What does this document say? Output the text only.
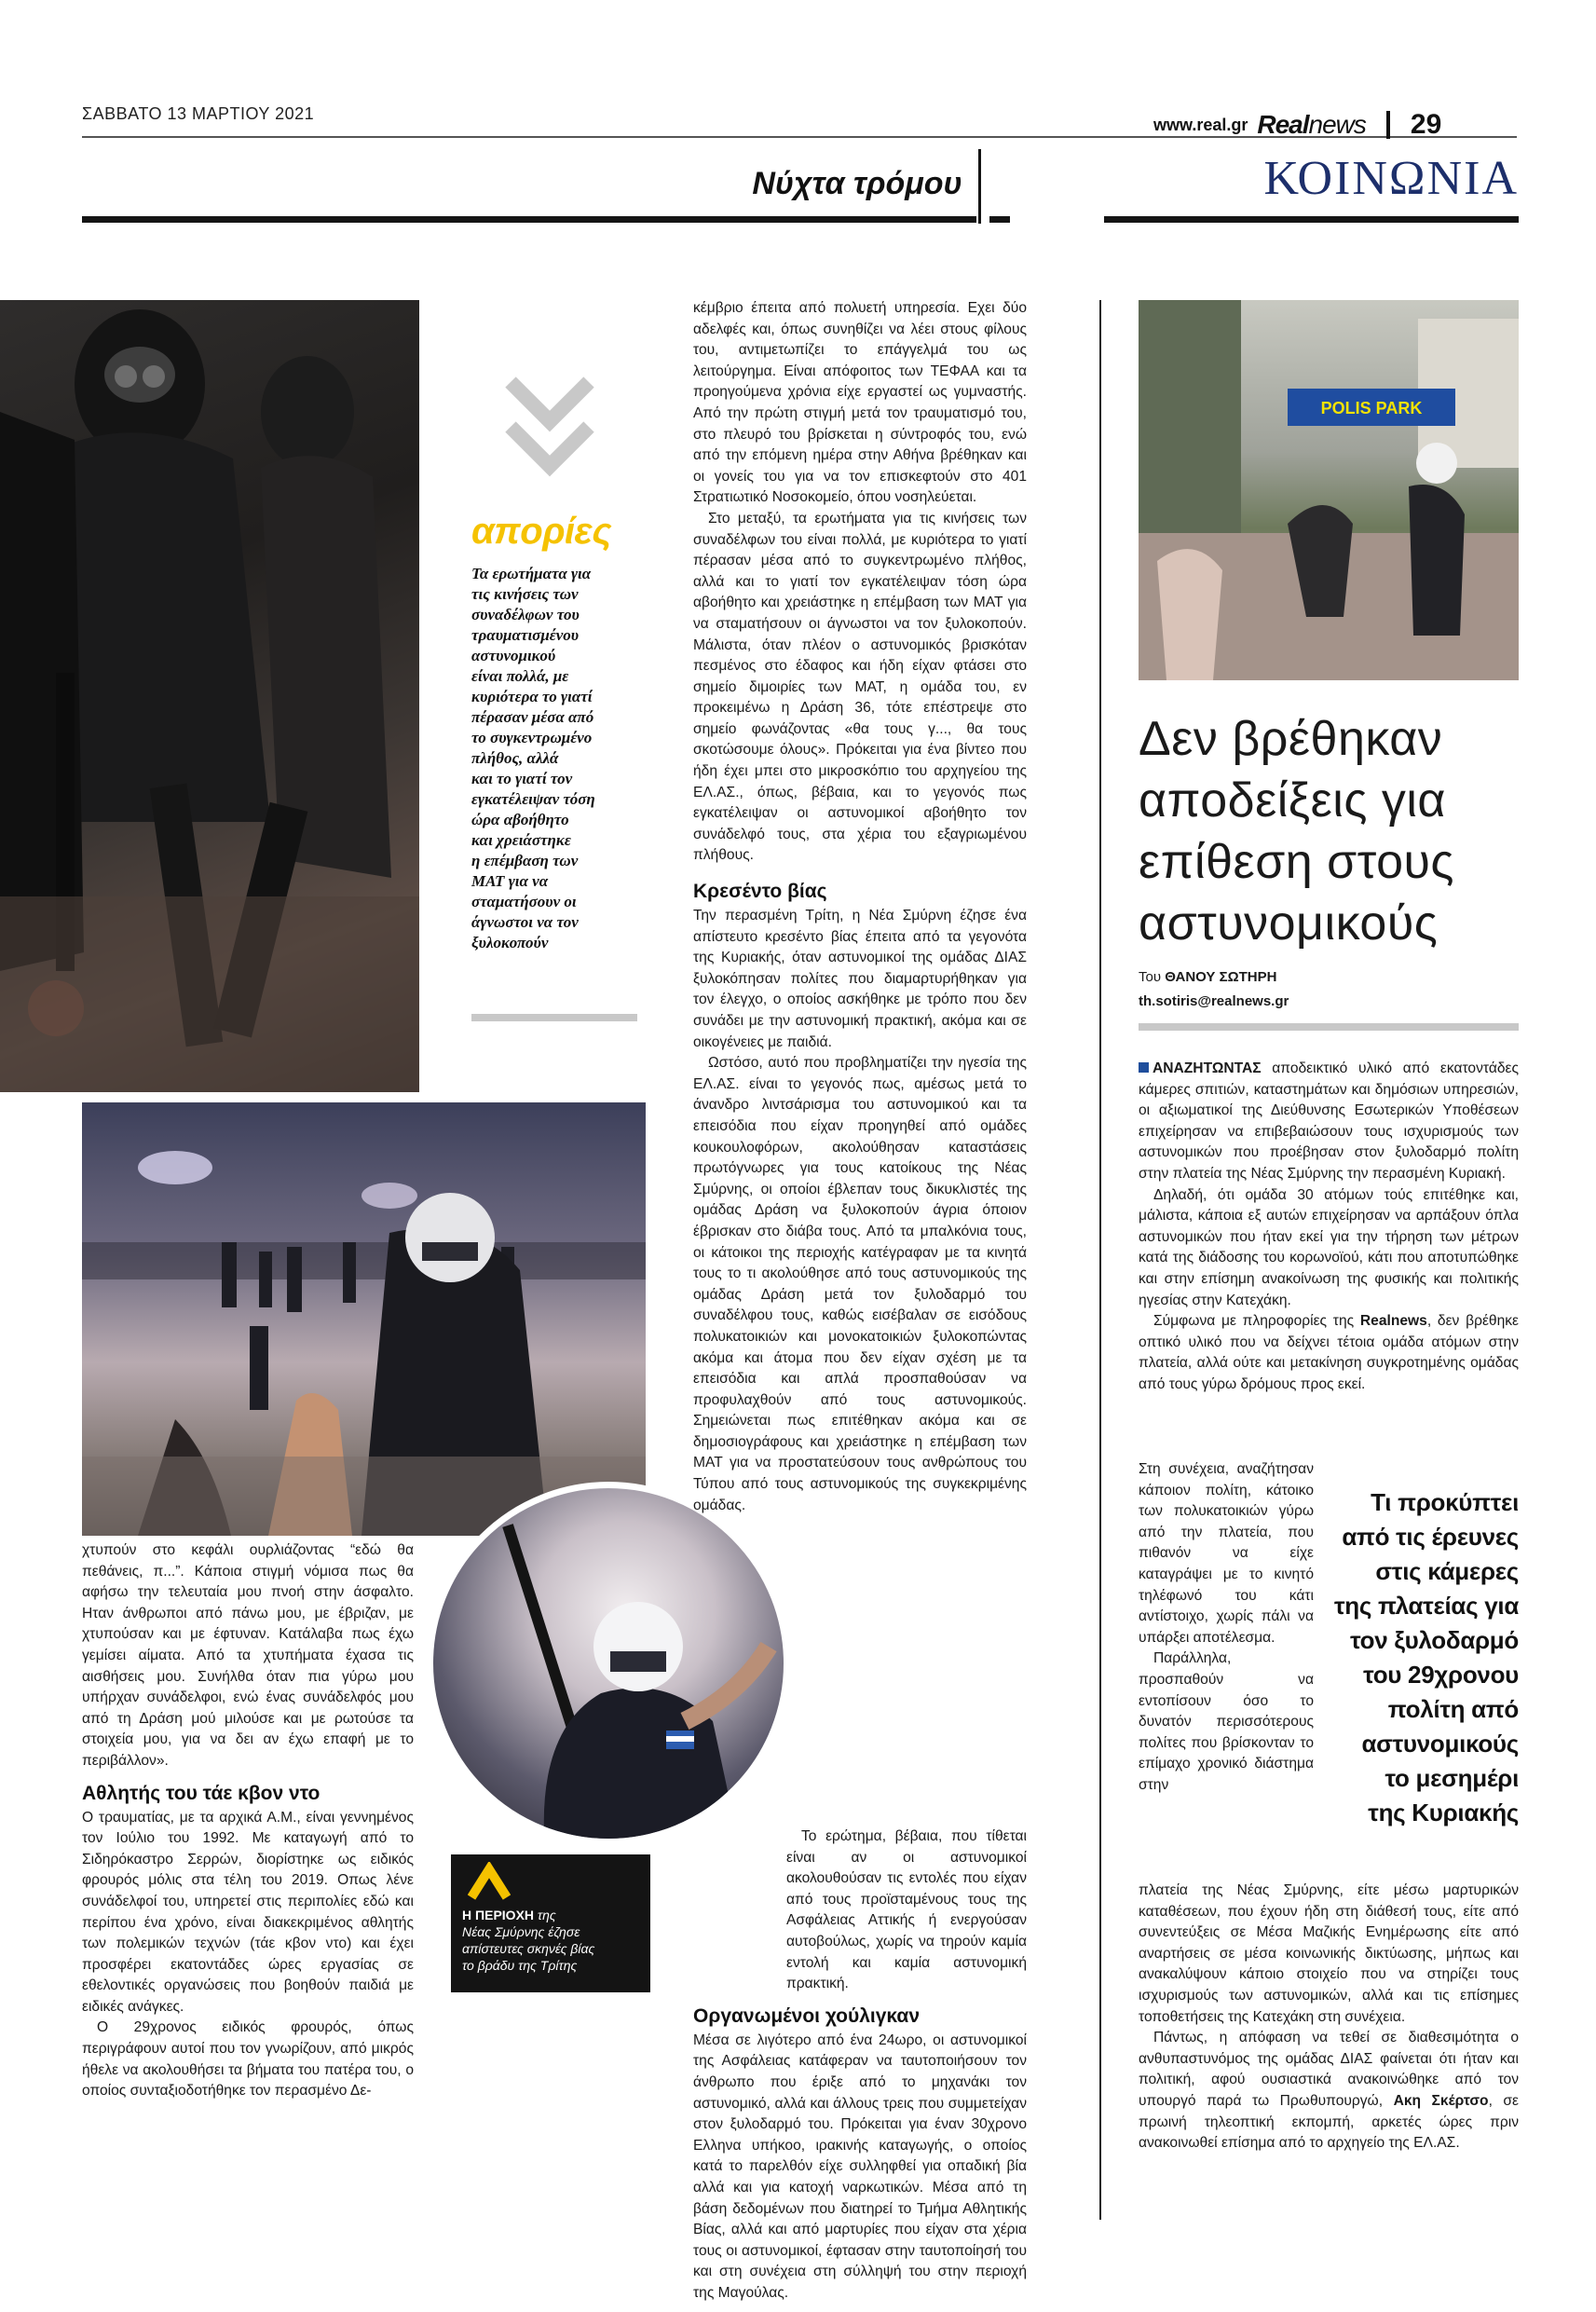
ΣΑΒΒΑΤΟ 13 ΜΑΡΤΙΟΥ 2021
www.real.gr Realnews 29
Νύχτα τρόμου	ΚΟΙΝΩΝΙΑ
απορίες
Τα ερωτήματα για
τις κινήσεις των
συναδέλφων του
τραυματισμένου
αστυνομικού
είναι πολλά, με
κυριότερα το γιατί
πέρασαν μέσα από
το συγκεντρωμένο
πλήθος, αλλά
και το γιατί τον
εγκατέλειψαν τόση
ώρα αβοήθητο
και χρειάστηκε
η επέμβαση των
ΜΑΤ για να
σταματήσουν οι
άγνωστοι να τον
ξυλοκοπούν

χτυπούν στο κεφάλι ουρλιάζοντας “εδώ θα πεθάνεις, π...”. Κάποια στιγμή νόμισα πως θα αφήσω την τελευταία μου πνοή στην άσφαλτο. Ηταν άνθρωποι από πάνω μου, με έβριζαν, με χτυπούσαν και με έφτυναν. Κατάλαβα πως έχω γεμίσει αίματα. Από τα χτυπήματα έχασα τις αισθήσεις μου. Συνήλθα όταν πια γύρω μου υπήρχαν συνάδελφοι, ενώ ένας συνάδελφός μου από τη Δράση μού μιλούσε και με ρωτούσε τα στοιχεία μου, για να δει αν έχω επαφή με το περιβάλλον».

Αθλητής του τάε κβον ντο

Ο τραυματίας, με τα αρχικά Α.Μ., είναι γεννημένος τον Ιούλιο του 1992. Με καταγωγή από το Σιδηρόκαστρο Σερρών, διορίστηκε ως ειδικός φρουρός μόλις στα τέλη του 2019. Οπως λένε συνάδελφοί του, υπηρετεί στις περιπολίες εδώ και περίπου ένα χρόνο, είναι διακεκριμένος αθλητής των πολεμικών τεχνών (τάε κβον ντο) και έχει προσφέρει εκατοντάδες ώρες εργασίας σε εθελοντικές οργανώσεις που βοηθούν παιδιά με ειδικές ανάγκες.

Ο 29χρονος ειδικός φρουρός, όπως περιγράφουν αυτοί που τον γνωρίζουν, από μικρός ήθελε να ακολουθήσει τα βήματα του πατέρα του, ο οποίος συνταξιοδοτήθηκε τον περασμένο Δε-

Η ΠΕΡΙΟΧΗ της
Νέας Σμύρνης έζησε
απίστευτες σκηνές βίας
το βράδυ της Τρίτης

κέμβριο έπειτα από πολυετή υπηρεσία. Εχει δύο αδελφές και, όπως συνηθίζει να λέει στους φίλους του, αντιμετωπίζει το επάγγελμά του ως λειτούργημα. Είναι απόφοιτος των ΤΕΦΑΑ και τα προηγούμενα χρόνια είχε εργαστεί ως γυμναστής. Από την πρώτη στιγμή μετά τον τραυματισμό του, στο πλευρό του βρίσκεται η σύντροφός του, ενώ από την επόμενη ημέρα στην Αθήνα βρέθηκαν και οι γονείς του για να τον επισκεφτούν στο 401 Στρατιωτικό Νοσοκομείο, όπου νοσηλεύεται.

Στο μεταξύ, τα ερωτήματα για τις κινήσεις των συναδέλφων του είναι πολλά, με κυριότερα το γιατί πέρασαν μέσα από το συγκεντρωμένο πλήθος, αλλά και το γιατί τον εγκατέλειψαν τόση ώρα αβοήθητο και χρειάστηκε η επέμβαση των ΜΑΤ για να σταματήσουν οι άγνωστοι να τον ξυλοκοπούν. Μάλιστα, όταν πλέον ο αστυνομικός βρισκόταν πεσμένος στο έδαφος και ήδη είχαν φτάσει στο σημείο διμοιρίες των ΜΑΤ, η ομάδα του, εν προκειμένω η Δράση 36, τότε επέστρεψε στο σημείο φωνάζοντας «θα τους γ..., θα τους σκοτώσουμε όλους». Πρόκειται για ένα βίντεο που ήδη έχει μπει στο μικροσκόπιο του αρχηγείου της ΕΛ.ΑΣ., όπως, βέβαια, και το γεγονός πως εγκατέλειψαν οι αστυνομικοί αβοήθητο τον συνάδελφό τους, στα χέρια του εξαγριωμένου πλήθους.

Κρεσέντο βίας

Την περασμένη Τρίτη, η Νέα Σμύρνη έζησε ένα απίστευτο κρεσέντο βίας έπειτα από τα γεγονότα της Κυριακής, όταν αστυνομικοί της ομάδας ΔΙΑΣ ξυλοκόπησαν πολίτες που διαμαρτυρήθηκαν για τον έλεγχο, ο οποίος ασκήθηκε με τρόπο που δεν συνάδει με την αστυνομική πρακτική, ακόμα και σε οικογένειες με παιδιά.

Ωστόσο, αυτό που προβληματίζει την ηγεσία της ΕΛ.ΑΣ. είναι το γεγονός πως, αμέσως μετά το άνανδρο λιντσάρισμα του αστυνομικού και τα επεισόδια που είχαν προηγηθεί από ομάδες κουκουλοφόρων, ακολούθησαν καταστάσεις πρωτόγνωρες για τους κατοίκους της Νέας Σμύρνης, οι οποίοι έβλεπαν τους δικυκλιστές της ομάδας Δράση να ξυλοκοπούν άγρια όποιον έβρισκαν στο διάβα τους. Από τα μπαλκόνια τους, οι κάτοικοι της περιοχής κατέγραφαν με τα κινητά τους το τι ακολούθησε από τους αστυνομικούς της ομάδας Δράση μετά τον ξυλοδαρμό του συναδέλφου τους, καθώς εισέβαλαν σε εισόδους πολυκατοικιών και μονοκατοικιών ξυλοκοπώντας ακόμα και άτομα που δεν είχαν σχέση με τα επεισόδια και απλά προσπαθούσαν να προφυλαχθούν από τους αστυνομικούς. Σημειώνεται πως επιτέθηκαν ακόμα και σε δημοσιογράφους και χρειάστηκε η επέμβαση των ΜΑΤ για να προστατεύσουν τους ανθρώπους του Τύπου από τους αστυνομικούς της συγκεκριμένης ομάδας.

Το ερώτημα, βέβαια, που τίθεται είναι αν οι αστυνομικοί ακολουθούσαν τις εντολές που είχαν από τους προϊσταμένους τους της Ασφάλειας Αττικής ή ενεργούσαν αυτοβούλως, χωρίς να τηρούν καμία εντολή και καμία αστυνομική πρακτική.

Οργανωμένοι χούλιγκαν

Μέσα σε λιγότερο από ένα 24ωρο, οι αστυνομικοί της Ασφάλειας κατάφεραν να ταυτοποιήσουν τον άνθρωπο που έριξε από το μηχανάκι τον αστυνομικό, αλλά και άλλους τρεις που συμμετείχαν στον ξυλοδαρμό του. Πρόκειται για έναν 30χρονο Ελληνα υπήκοο, ιρακινής καταγωγής, ο οποίος κατά το παρελθόν είχε συλληφθεί για οπαδική βία αλλά και για κατοχή ναρκωτικών. Μέσα από τη βάση δεδομένων που διατηρεί το Τμήμα Αθλητικής Βίας, αλλά και από μαρτυρίες που είχαν στα χέρια τους οι αστυνομικοί, έφτασαν στην ταυτοποίησή του και στη συνέχεια στη σύλληψή του στην περιοχή της Μαγούλας.

POLIS PARK
Δεν βρέθηκαν
αποδείξεις για
επίθεση στους
αστυνομικούς
Του ΘΑΝΟΥ ΣΩΤΗΡΗ
th.sotiris@realnews.gr

ΑΝΑΖΗΤΩΝΤΑΣ αποδεικτικό υλικό από εκατοντάδες κάμερες σπιτιών, καταστημάτων και δημόσιων υπηρεσιών, οι αξιωματικοί της Διεύθυνσης Εσωτερικών Υποθέσεων επιχείρησαν να επιβεβαιώσουν τους ισχυρισμούς των αστυνομικών που προέβησαν στον ξυλοδαρμό πολίτη στην πλατεία της Νέας Σμύρνης την περασμένη Κυριακή.

Δηλαδή, ότι ομάδα 30 ατόμων τούς επιτέθηκε και, μάλιστα, κάποια εξ αυτών επιχείρησαν να αρπάξουν όπλα αστυνομικών που ήταν εκεί για την τήρηση των μέτρων κατά της διάδοσης του κορωνοϊού, κάτι που αποτυπώθηκε και στην επίσημη ανακοίνωση της φυσικής και πολιτικής ηγεσίας στην Κατεχάκη.

Σύμφωνα με πληροφορίες της Realnews, δεν βρέθηκε οπτικό υλικό που να δείχνει τέτοια ομάδα ατόμων στην πλατεία, αλλά ούτε και μετακίνηση συγκροτημένης ομάδας από τους γύρω δρόμους προς εκεί.

Στη συνέχεια, αναζήτησαν κάποιον πολίτη, κάτοικο των πολυκατοικιών γύρω από την πλατεία, που πιθανόν να είχε καταγράψει με το κινητό τηλέφωνό του κάτι αντίστοιχο, χωρίς πάλι να υπάρξει αποτέλεσμα.

Παράλληλα, προσπαθούν να εντοπίσουν όσο το δυνατόν περισσότερους πολίτες που βρίσκονταν το επίμαχο χρονικό διάστημα στην

Τι προκύπτει
από τις έρευνες
στις κάμερες
της πλατείας για
τον ξυλοδαρμό
του 29χρονου
πολίτη από
αστυνομικούς
το μεσημέρι
της Κυριακής

πλατεία της Νέας Σμύρνης, είτε μέσω μαρτυρικών καταθέσεων, που έχουν ήδη στη διάθεσή τους, είτε από συνεντεύξεις σε Μέσα Μαζικής Ενημέρωσης είτε από αναρτήσεις σε μέσα κοινωνικής δικτύωσης, μήπως και ανακαλύψουν κάποιο στοιχείο που να στηρίζει τους ισχυρισμούς των αστυνομικών, αλλά και τις επίσημες τοποθετήσεις της Κατεχάκη στη συνέχεια.

Πάντως, η απόφαση να τεθεί σε διαθεσιμότητα ο ανθυπαστυνόμος της ομάδας ΔΙΑΣ φαίνεται ότι ήταν και πολιτική, αφού ουσιαστικά ανακοινώθηκε από τον υπουργό παρά τω Πρωθυπουργώ, Ακη Σκέρτσο, σε πρωινή τηλεοπτική εκπομπή, αρκετές ώρες πριν ανακοινωθεί επίσημα από το αρχηγείο της ΕΛ.ΑΣ.
